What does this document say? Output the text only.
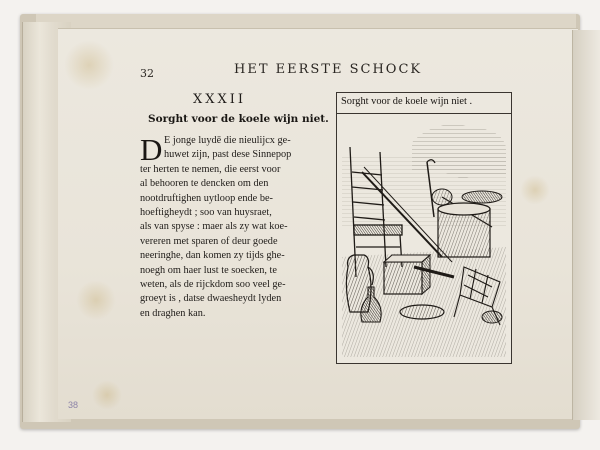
32	HET EERSTE SCHOCK
XXXII
Sorght voor de koele wijn niet.
D E jonge luydē die nieulijcx ge-
huwet zijn, past dese Sinnepop
ter herten te nemen, die eerst voor
al behooren te dencken om den
nootdruftighen uytloop ende be-
hoeftigheydt ; soo van huysraet,
als van spyse : maer als zy wat koe-
vereren met sparen of deur goede
neeringhe, dan komen zy tijds ghe-
noegh om haer lust te soecken, te
weten, als de rijckdom soo veel ge-
groeyt is , datse dwaesheydt lyden
en draghen kan.
Sorght voor de koele wijn niet .
38
